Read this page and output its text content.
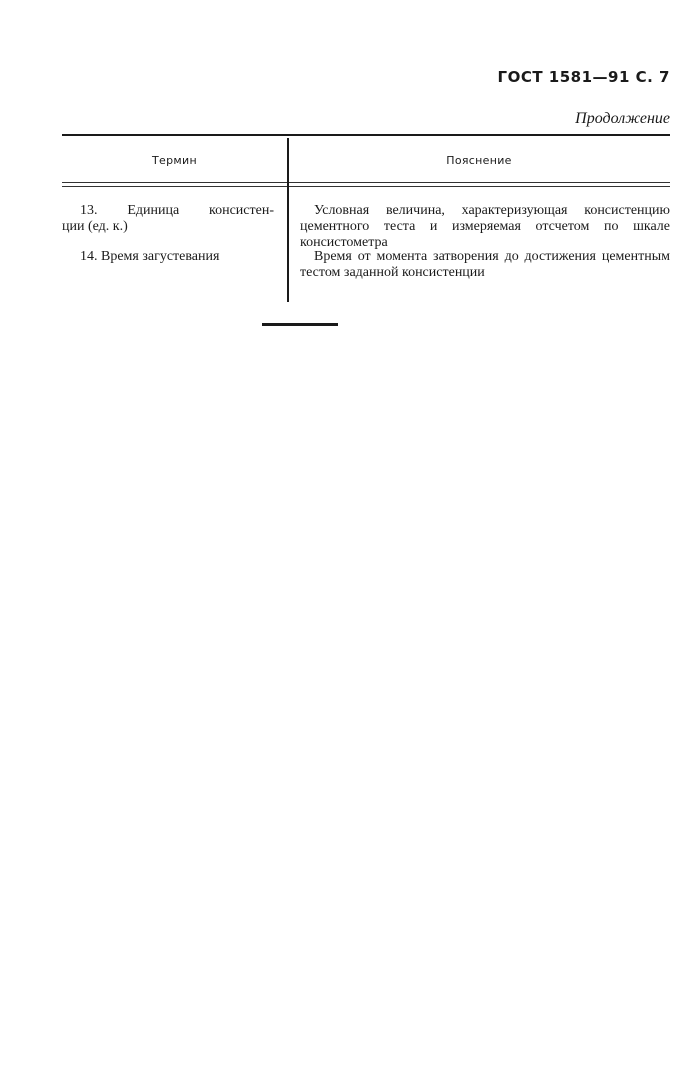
ГОСТ 1581—91 С. 7
Продолжение
Термин	Пояснение
13. Единица консистен-
ции (ед. к.)
Условная величина, характеризующая консистенцию цементного теста и измеряемая отсчетом по шкале консистометра
14. Время загустевания	Время от момента затворения до достижения цементным тестом заданной консистенции
